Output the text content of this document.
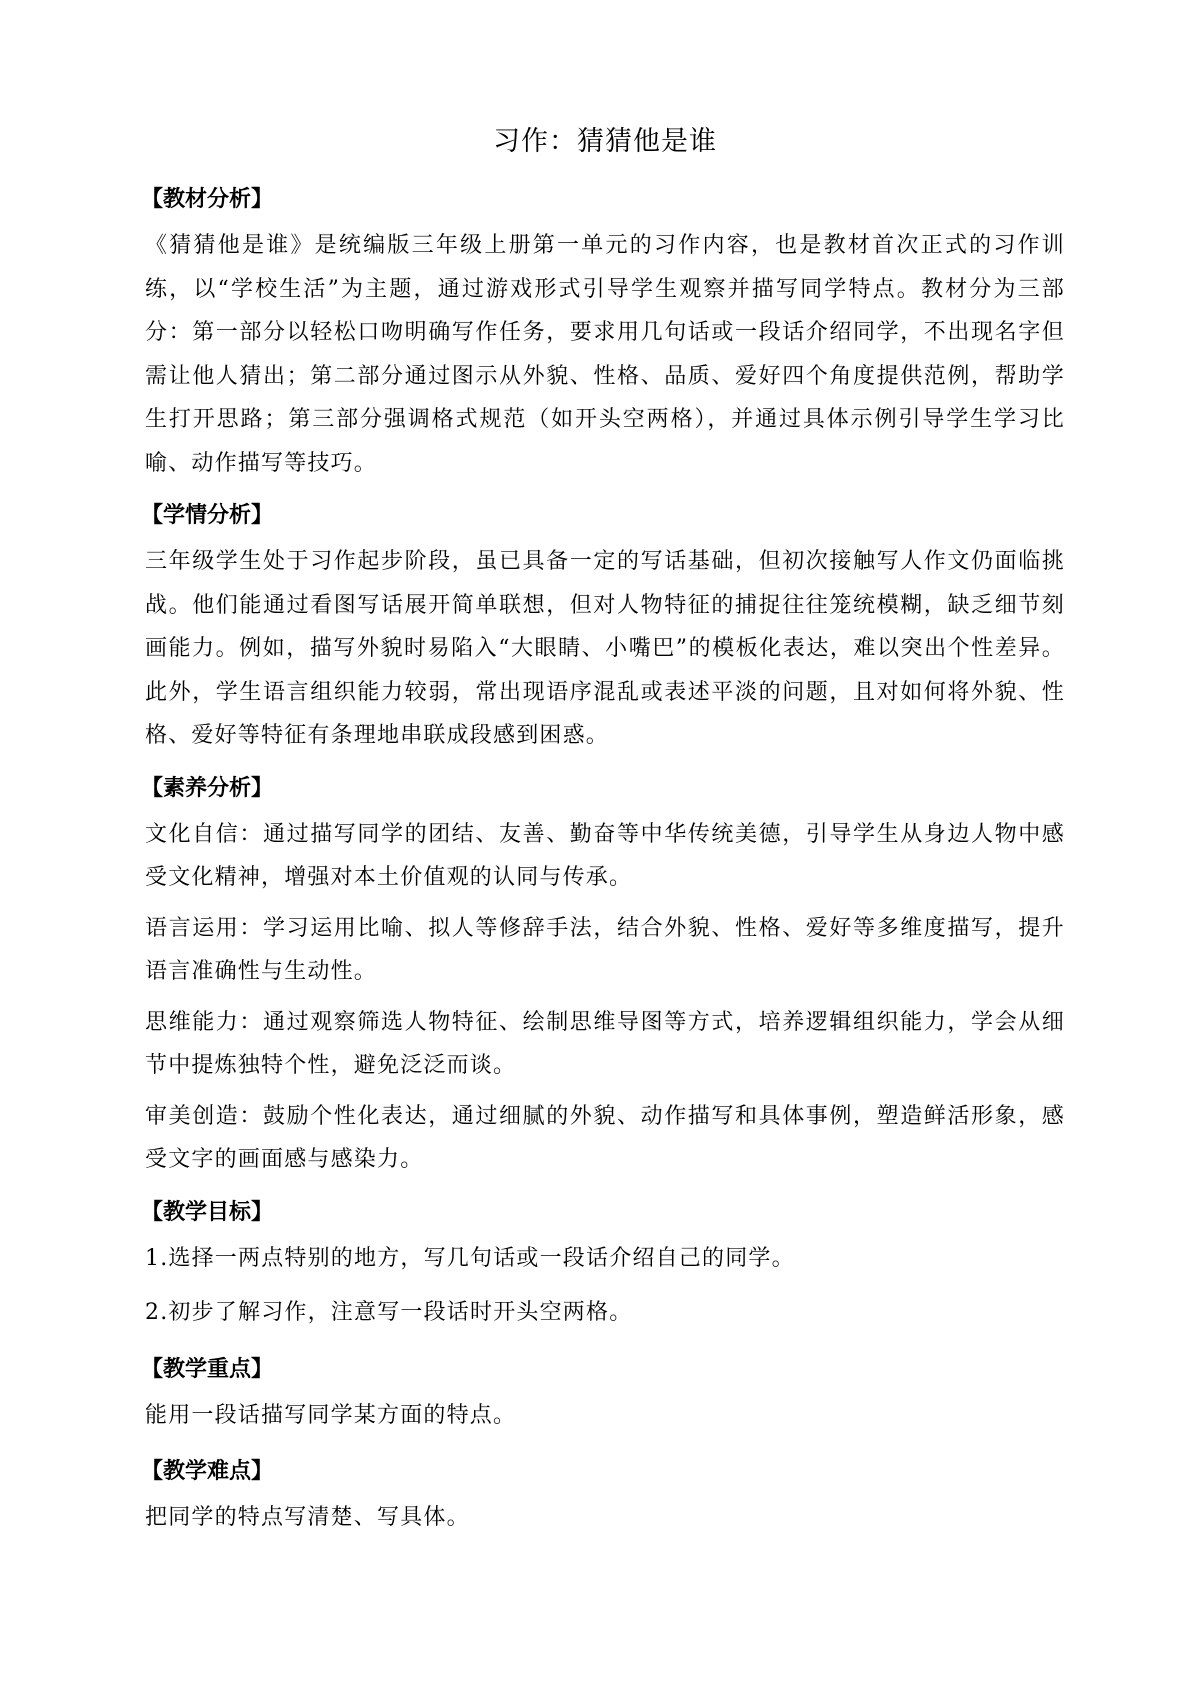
习作：猜猜他是谁
【教材分析】

《猜猜他是谁》是统编版三年级上册第一单元的习作内容，也是教材首次正式的习作训练，以“学校生活”为主题，通过游戏形式引导学生观察并描写同学特点。教材分为三部分：第一部分以轻松口吻明确写作任务，要求用几句话或一段话介绍同学，不出现名字但需让他人猜出；第二部分通过图示从外貌、性格、品质、爱好四个角度提供范例，帮助学生打开思路；第三部分强调格式规范（如开头空两格），并通过具体示例引导学生学习比喻、动作描写等技巧。

【学情分析】

三年级学生处于习作起步阶段，虽已具备一定的写话基础，但初次接触写人作文仍面临挑战。他们能通过看图写话展开简单联想，但对人物特征的捕捉往往笼统模糊，缺乏细节刻画能力。例如，描写外貌时易陷入“大眼睛、小嘴巴”的模板化表达，难以突出个性差异。此外，学生语言组织能力较弱，常出现语序混乱或表述平淡的问题，且对如何将外貌、性格、爱好等特征有条理地串联成段感到困惑。

【素养分析】

文化自信：通过描写同学的团结、友善、勤奋等中华传统美德，引导学生从身边人物中感受文化精神，增强对本土价值观的认同与传承。

语言运用：学习运用比喻、拟人等修辞手法，结合外貌、性格、爱好等多维度描写，提升语言准确性与生动性。

思维能力：通过观察筛选人物特征、绘制思维导图等方式，培养逻辑组织能力，学会从细节中提炼独特个性，避免泛泛而谈。

审美创造：鼓励个性化表达，通过细腻的外貌、动作描写和具体事例，塑造鲜活形象，感受文字的画面感与感染力。

【教学目标】

1.选择一两点特别的地方，写几句话或一段话介绍自己的同学。

2.初步了解习作，注意写一段话时开头空两格。

【教学重点】

能用一段话描写同学某方面的特点。

【教学难点】

把同学的特点写清楚、写具体。
